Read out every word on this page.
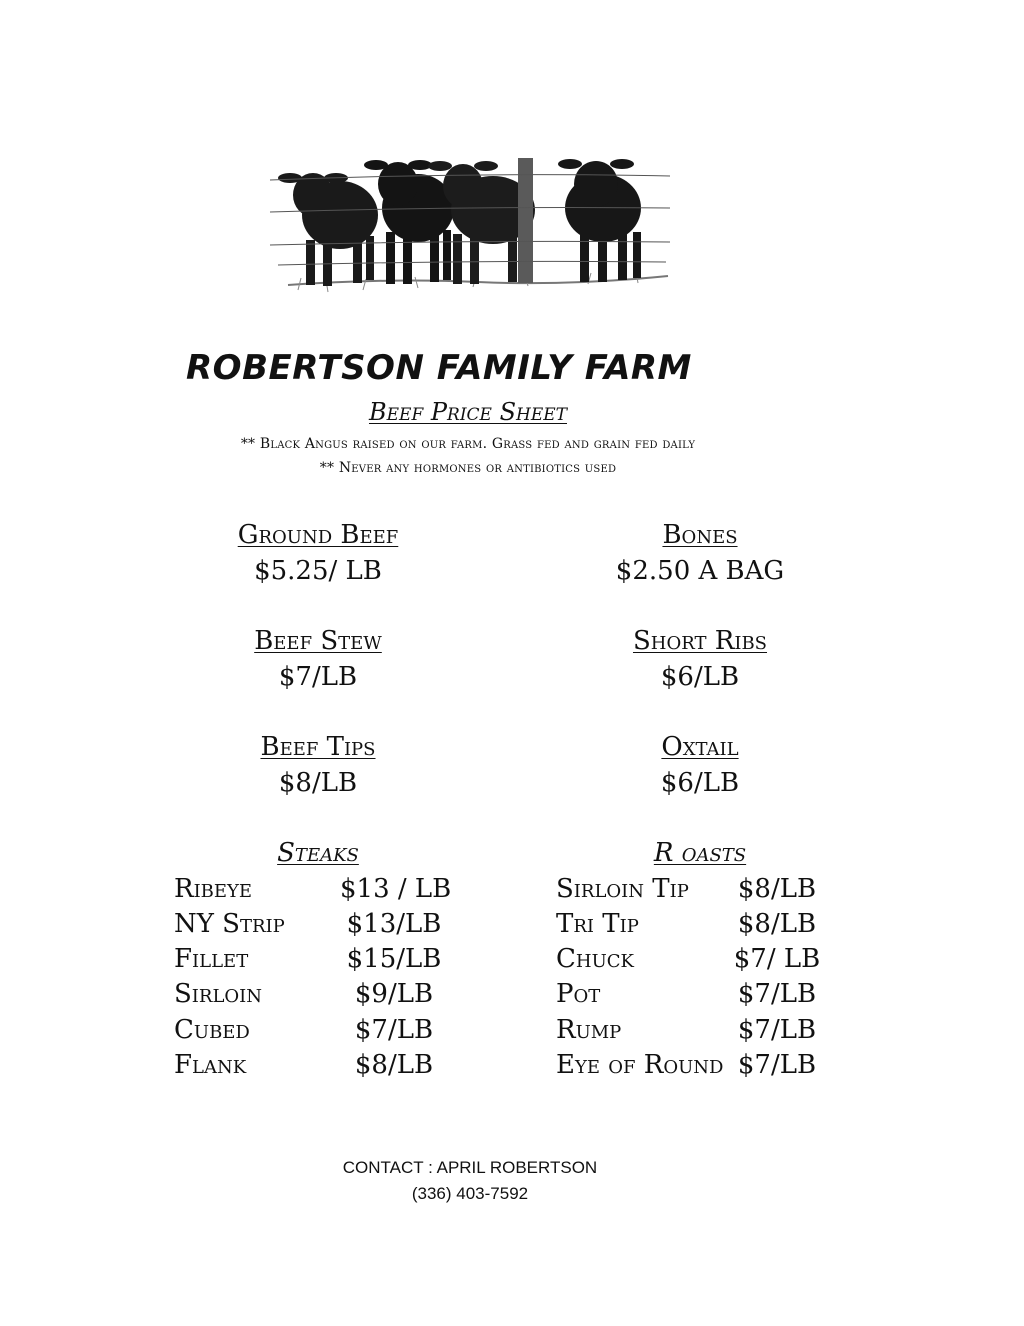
ROBERTSON FAMILY FARM
Beef Price Sheet
** Black Angus raised on our farm. Grass fed and grain fed daily
** Never any hormones or antibiotics used
Ground Beef
$5.25/ LB
Beef Stew
$7/LB
Beef Tips
$8/LB
Bones
$2.50 A BAG
Short Ribs
$6/LB
Oxtail
$6/LB
Steaks	R oasts
Ribeye	$13 / LB
NY Strip	$13/LB
Fillet	$15/LB
Sirloin	$9/LB
Cubed	$7/LB
Flank	$8/LB
Sirloin Tip	$8/LB
Tri Tip	$8/LB
Chuck	$7/ LB
Pot	$7/LB
Rump	$7/LB
Eye of Round $7/LB
CONTACT : APRIL ROBERTSON
(336) 403-7592
